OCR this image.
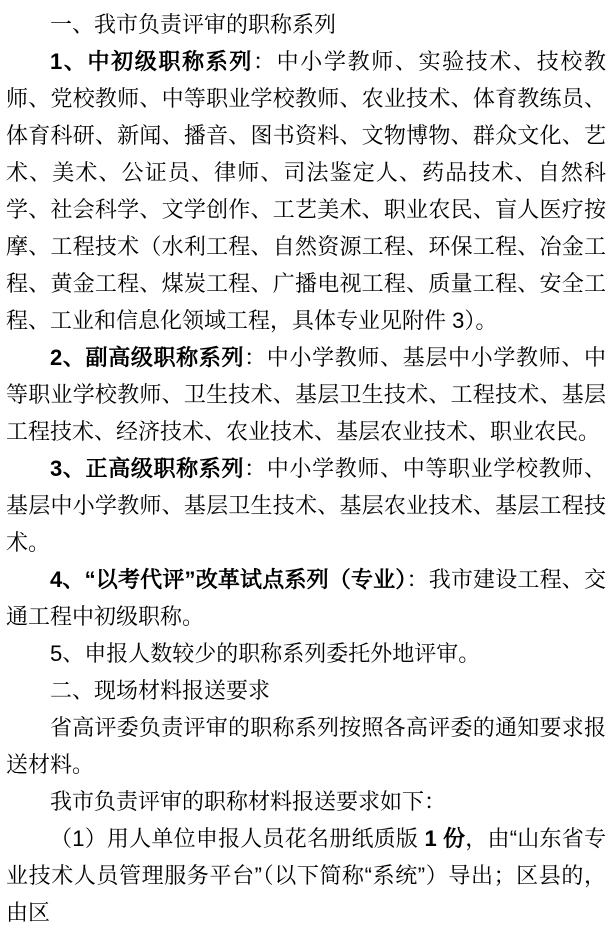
一、我市负责评审的职称系列

1、中初级职称系列：中小学教师、实验技术、技校教师、党校教师、中等职业学校教师、农业技术、体育教练员、体育科研、新闻、播音、图书资料、文物博物、群众文化、艺术、美术、公证员、律师、司法鉴定人、药品技术、自然科学、社会科学、文学创作、工艺美术、职业农民、盲人医疗按摩、工程技术（水利工程、自然资源工程、环保工程、冶金工程、黄金工程、煤炭工程、广播电视工程、质量工程、安全工程、工业和信息化领域工程，具体专业见附件 3）。

2、副高级职称系列：中小学教师、基层中小学教师、中等职业学校教师、卫生技术、基层卫生技术、工程技术、基层工程技术、经济技术、农业技术、基层农业技术、职业农民。

3、正高级职称系列：中小学教师、中等职业学校教师、基层中小学教师、基层卫生技术、基层农业技术、基层工程技术。

4、“以考代评”改革试点系列（专业）：我市建设工程、交通工程中初级职称。

5、申报人数较少的职称系列委托外地评审。

二、现场材料报送要求

省高评委负责评审的职称系列按照各高评委的通知要求报送材料。

我市负责评审的职称材料报送要求如下：

（1）用人单位申报人员花名册纸质版 1 份，由“山东省专业技术人员管理服务平台”（以下简称“系统”）导出；区县的，由区
